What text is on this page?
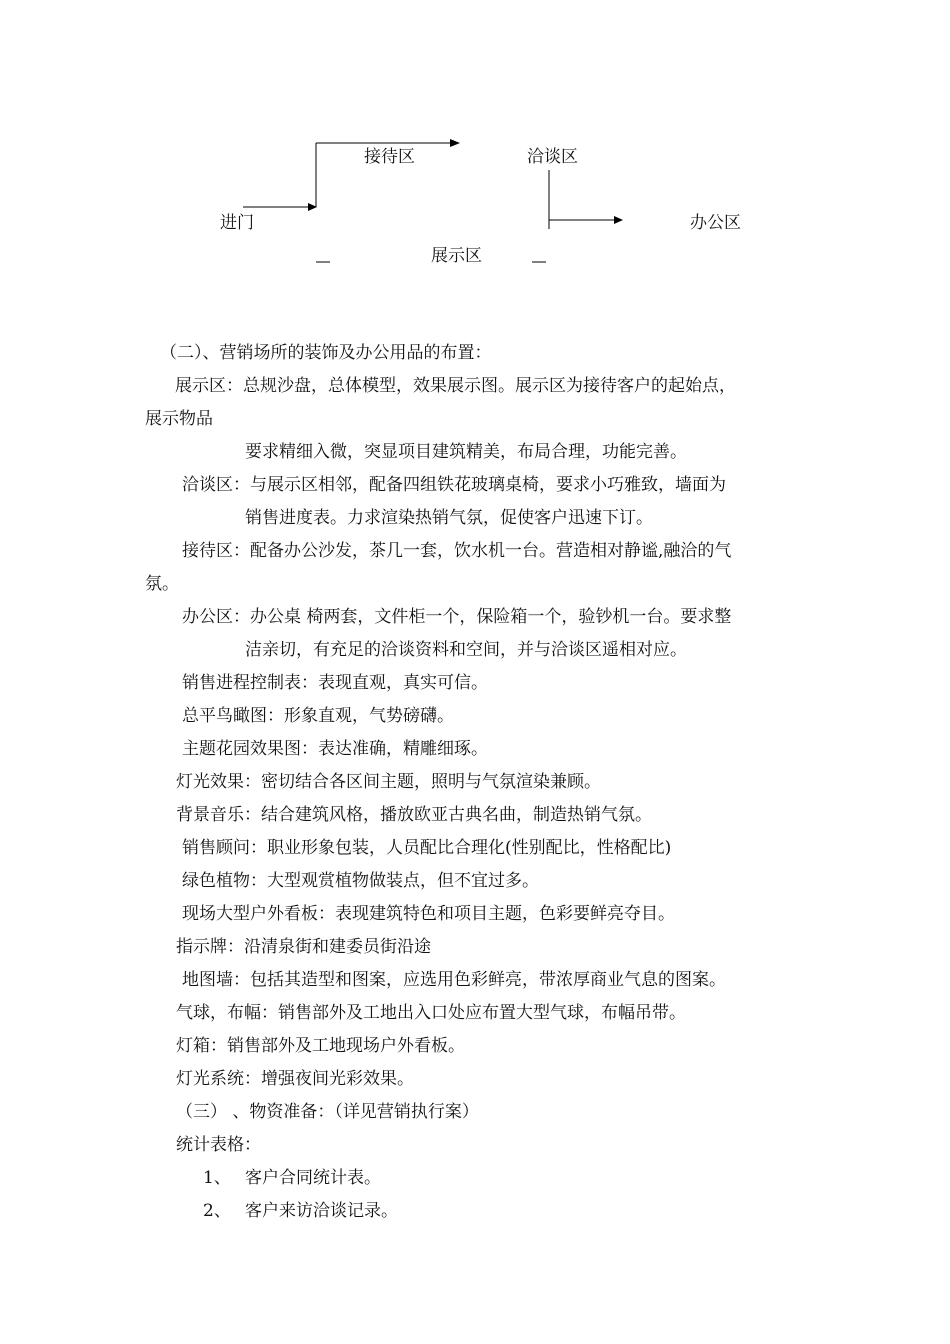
进门
接待区	洽谈区
办公区
展示区
（二）、营销场所的装饰及办公用品的布置：
展示区：总规沙盘，总体模型，效果展示图。展示区为接待客户的起始点，
展示物品
要求精细入微，突显项目建筑精美，布局合理，功能完善。
洽谈区：与展示区相邻，配备四组铁花玻璃桌椅，要求小巧雅致，墙面为
销售进度表。力求渲染热销气氛，促使客户迅速下订。
接待区：配备办公沙发，茶几一套，饮水机一台。营造相对静谧,融洽的气
氛。
办公区：办公桌 椅两套，文件柜一个，保险箱一个，验钞机一台。要求整
洁亲切，有充足的洽谈资料和空间，并与洽谈区遥相对应。
销售进程控制表：表现直观，真实可信。
总平鸟瞰图：形象直观，气势磅礴。
主题花园效果图：表达准确，精雕细琢。
灯光效果：密切结合各区间主题，照明与气氛渲染兼顾。
背景音乐：结合建筑风格，播放欧亚古典名曲，制造热销气氛。
销售顾问：职业形象包装，人员配比合理化(性别配比，性格配比)
绿色植物：大型观赏植物做装点，但不宜过多。
现场大型户外看板：表现建筑特色和项目主题，色彩要鲜亮夺目。
指示牌：沿清泉街和建委员街沿途
地图墙：包括其造型和图案，应选用色彩鲜亮，带浓厚商业气息的图案。
气球，布幅：销售部外及工地出入口处应布置大型气球，布幅吊带。
灯箱：销售部外及工地现场户外看板。
灯光系统：增强夜间光彩效果。
（三） 、物资准备：（详见营销执行案）
统计表格：
1、 客户合同统计表。
2、 客户来访洽谈记录。
